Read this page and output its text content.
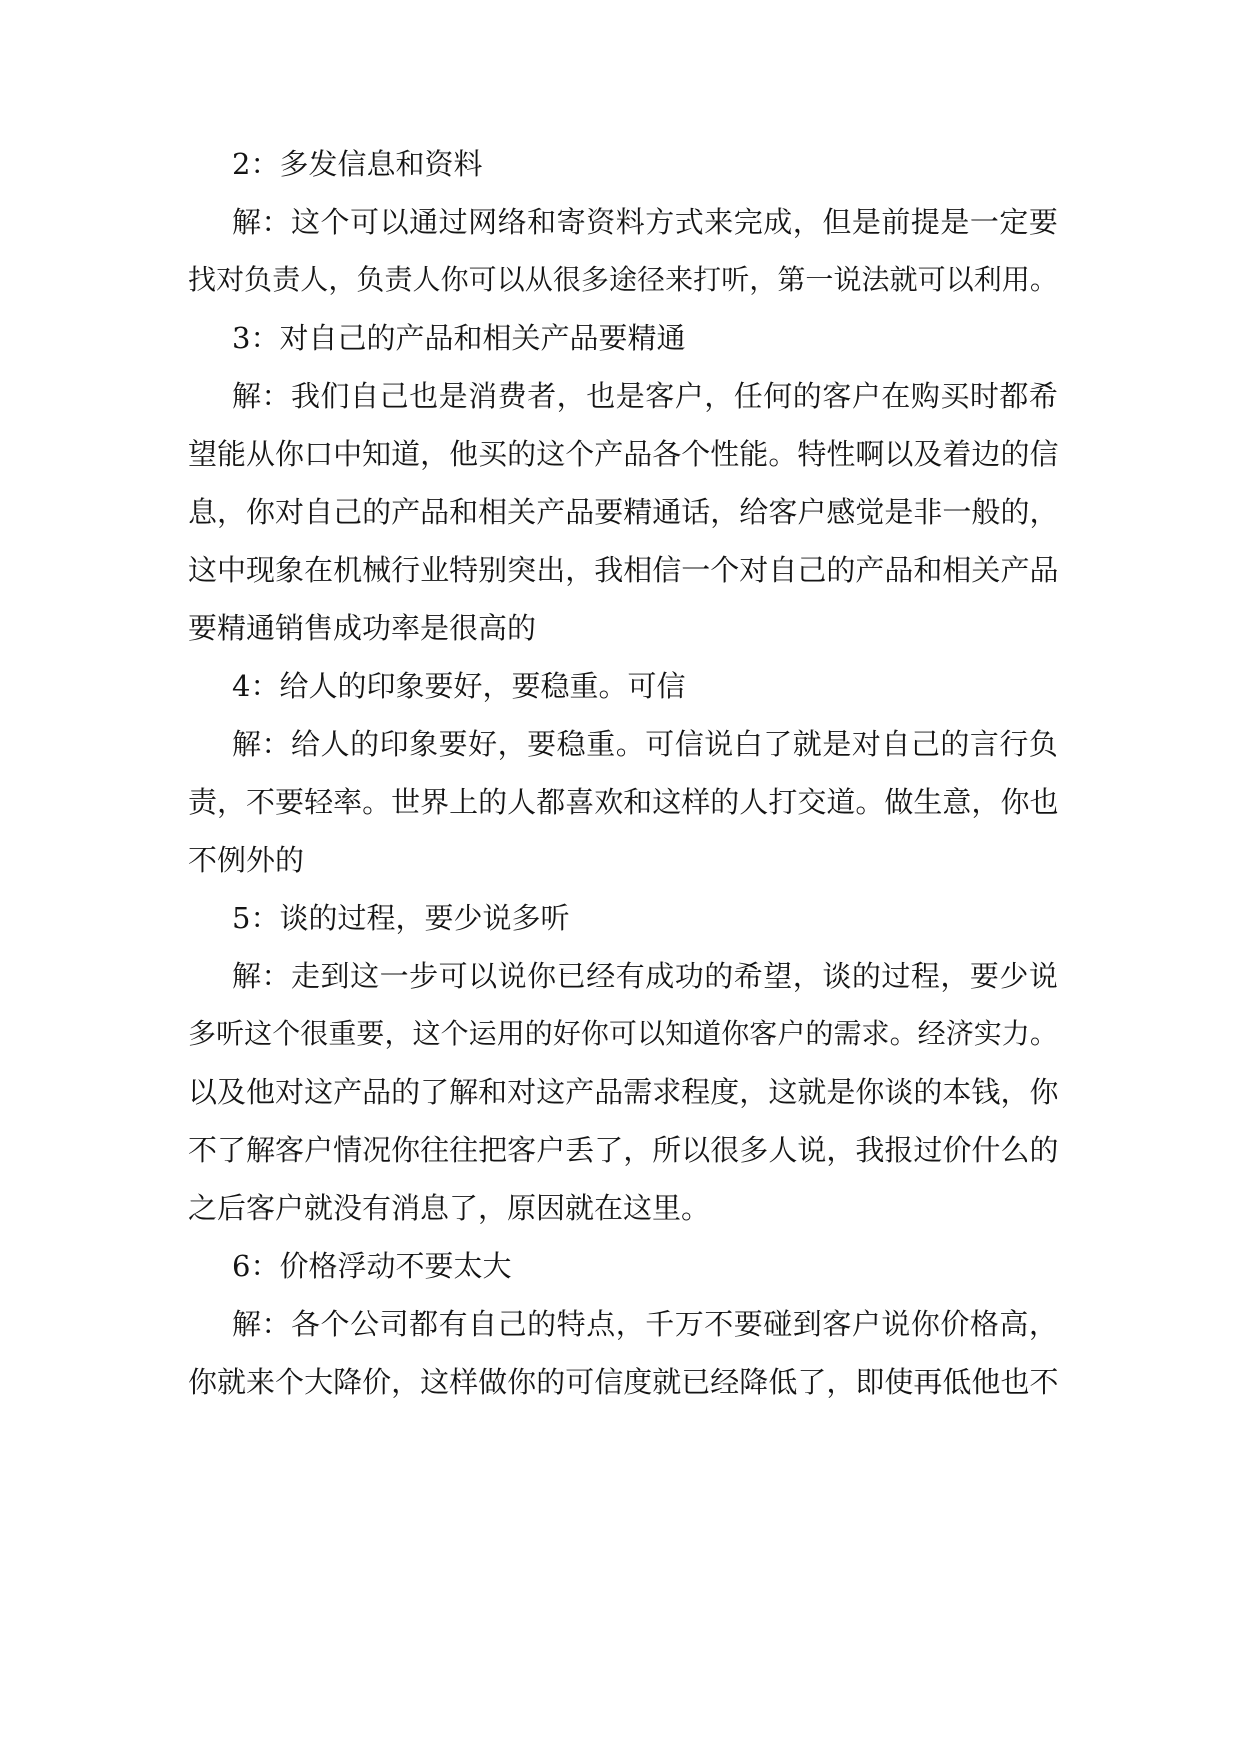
2：多发信息和资料
解 ： 这 个 可 以 通 过 网 络 和 寄 资 料 方 式 来 完 成 ， 但 是 前 提 是 一 定 要
找 对 负 责 人 ， 负 责 人 你 可 以 从 很 多 途 径 来 打 听 ， 第 一 说 法 就 可 以 利 用 。
3：对自己的产品和相关产品要精通
解 ： 我 们 自 己 也 是 消 费 者 ， 也 是 客 户 ， 任 何 的 客 户 在 购 买 时 都 希
望 能 从 你 口 中 知 道 ， 他 买 的 这 个 产 品 各 个 性 能 。 特 性 啊 以 及 着 边 的 信
息 ， 你 对 自 己 的 产 品 和 相 关 产 品 要 精 通 话 ， 给 客 户 感 觉 是 非 一 般 的 ，
这 中 现 象 在 机 械 行 业 特 别 突 出 ， 我 相 信 一 个 对 自 己 的 产 品 和 相 关 产 品
要精通销售成功率是很高的
4：给人的印象要好，要稳重。可信
解 ： 给 人 的 印 象 要 好 ， 要 稳 重 。 可 信 说 白 了 就 是 对 自 己 的 言 行 负
责 ， 不 要 轻 率 。 世 界 上 的 人 都 喜 欢 和 这 样 的 人 打 交 道 。 做 生 意 ， 你 也
不例外的
5：谈的过程，要少说多听
解 ： 走 到 这 一 步 可 以 说 你 已 经 有 成 功 的 希 望 ， 谈 的 过 程 ， 要 少 说
多 听 这 个 很 重 要 ， 这 个 运 用 的 好 你 可 以 知 道 你 客 户 的 需 求 。 经 济 实 力 。
以 及 他 对 这 产 品 的 了 解 和 对 这 产 品 需 求 程 度 ， 这 就 是 你 谈 的 本 钱 ， 你
不 了 解 客 户 情 况 你 往 往 把 客 户 丢 了 ， 所 以 很 多 人 说 ， 我 报 过 价 什 么 的
之后客户就没有消息了，原因就在这里。
6：价格浮动不要太大
解 ： 各 个 公 司 都 有 自 己 的 特 点 ， 千 万 不 要 碰 到 客 户 说 你 价 格 高 ，
你 就 来 个 大 降 价 ， 这 样 做 你 的 可 信 度 就 已 经 降 低 了 ， 即 使 再 低 他 也 不
